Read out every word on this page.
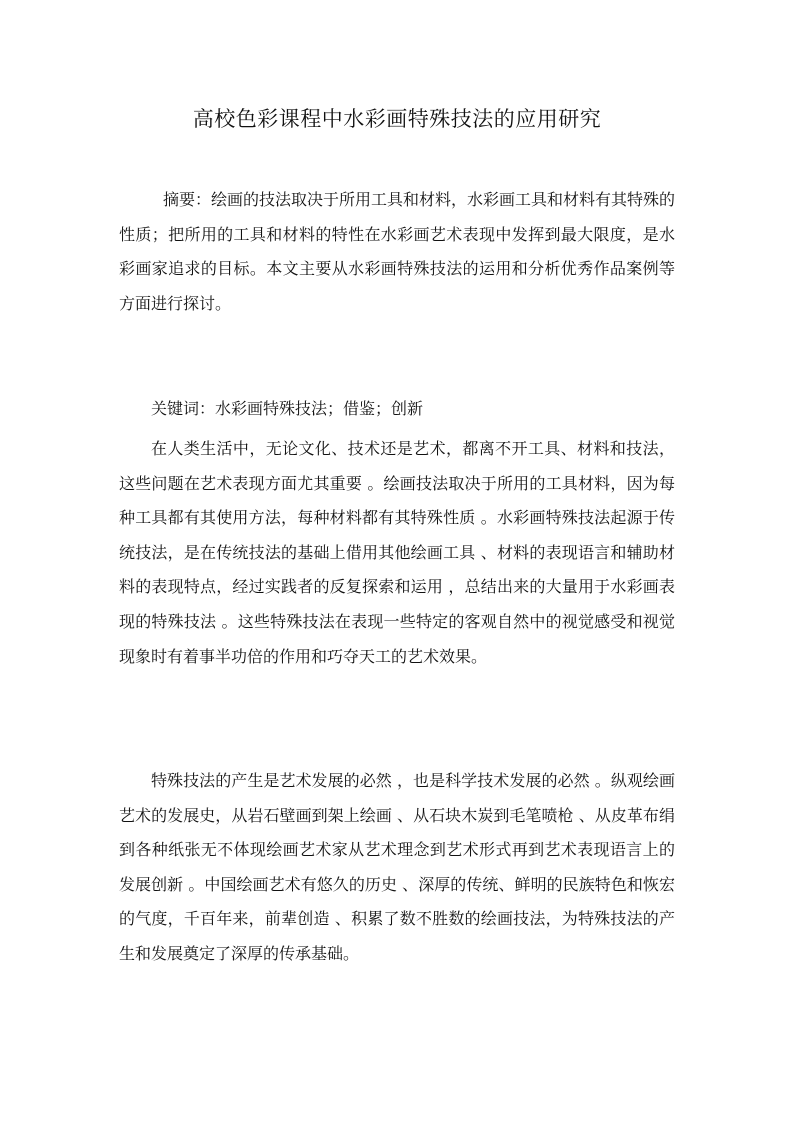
高校色彩课程中水彩画特殊技法的应用研究

摘要：绘画的技法取决于所用工具和材料，水彩画工具和材料有其特殊的性质；把所用的工具和材料的特性在水彩画艺术表现中发挥到最大限度，是水彩画家追求的目标。本文主要从水彩画特殊技法的运用和分析优秀作品案例等方面进行探讨。

关键词：水彩画特殊技法；借鉴；创新

在人类生活中，无论文化、技术还是艺术，都离不开工具、材料和技法，这些问题在艺术表现方面尤其重要 。绘画技法取决于所用的工具材料，因为每种工具都有其使用方法，每种材料都有其特殊性质 。水彩画特殊技法起源于传统技法，是在传统技法的基础上借用其他绘画工具 、材料的表现语言和辅助材料的表现特点，经过实践者的反复探索和运用 ，总结出来的大量用于水彩画表现的特殊技法 。这些特殊技法在表现一些特定的客观自然中的视觉感受和视觉现象时有着事半功倍的作用和巧夺天工的艺术效果。

特殊技法的产生是艺术发展的必然 ，也是科学技术发展的必然 。纵观绘画艺术的发展史，从岩石壁画到架上绘画 、从石块木炭到毛笔喷枪 、从皮革布绢到各种纸张无不体现绘画艺术家从艺术理念到艺术形式再到艺术表现语言上的发展创新 。中国绘画艺术有悠久的历史 、深厚的传统、鲜明的民族特色和恢宏的气度，千百年来，前辈创造 、积累了数不胜数的绘画技法，为特殊技法的产生和发展奠定了深厚的传承基础。
